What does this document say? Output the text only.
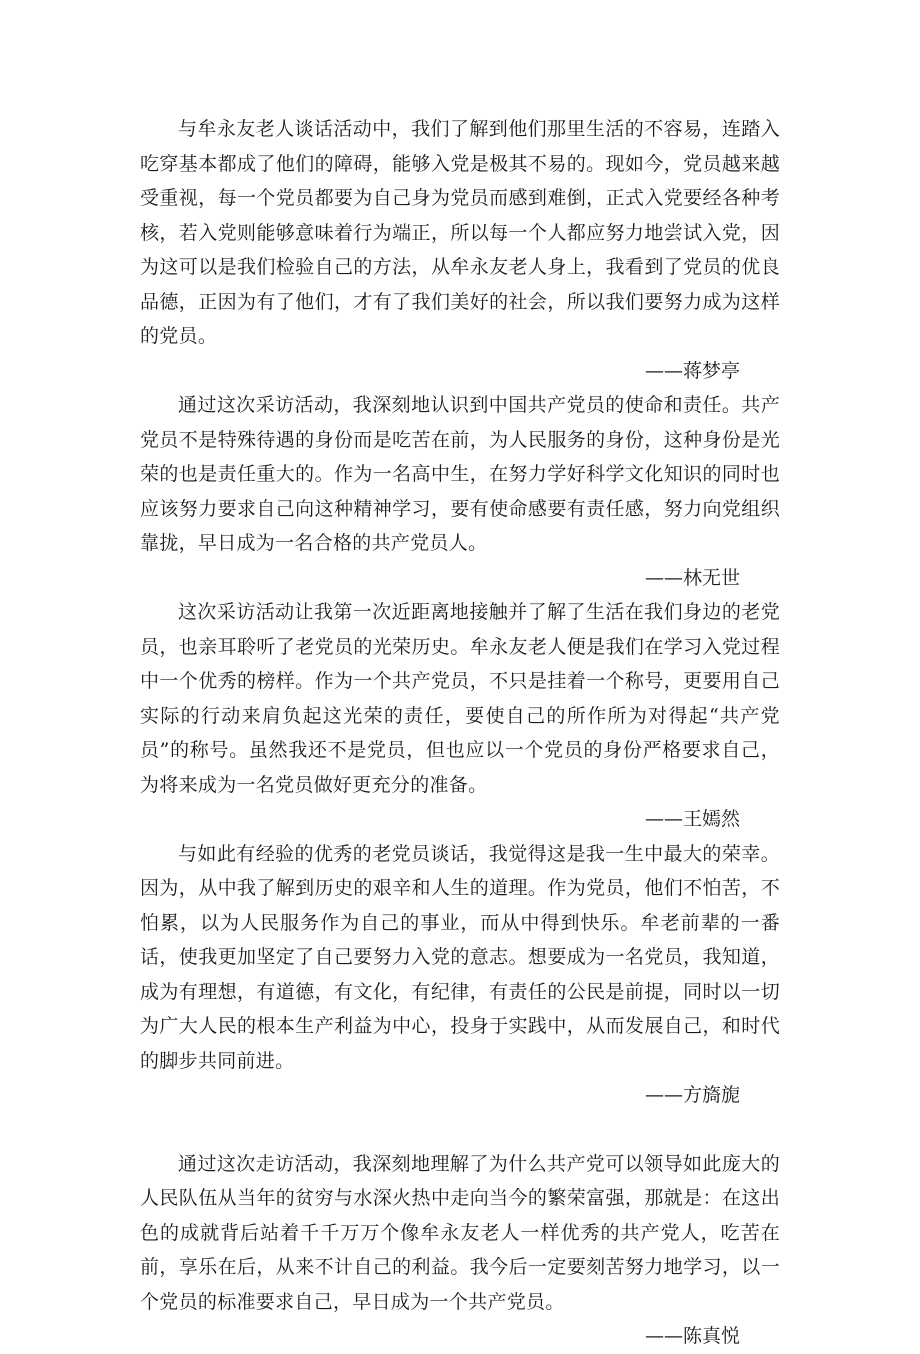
与牟永友老人谈话活动中，我们了解到他们那里生活的不容易，连踏入吃穿基本都成了他们的障碍，能够入党是极其不易的。现如今，党员越来越受重视，每一个党员都要为自己身为党员而感到难倒，正式入党要经各种考核，若入党则能够意味着行为端正，所以每一个人都应努力地尝试入党，因为这可以是我们检验自己的方法，从牟永友老人身上，我看到了党员的优良品德，正因为有了他们，才有了我们美好的社会，所以我们要努力成为这样的党员。

——蒋梦亭

通过这次采访活动，我深刻地认识到中国共产党员的使命和责任。共产党员不是特殊待遇的身份而是吃苦在前，为人民服务的身份，这种身份是光荣的也是责任重大的。作为一名高中生，在努力学好科学文化知识的同时也应该努力要求自己向这种精神学习，要有使命感要有责任感，努力向党组织靠拢，早日成为一名合格的共产党员人。

——林无世

这次采访活动让我第一次近距离地接触并了解了生活在我们身边的老党员，也亲耳聆听了老党员的光荣历史。牟永友老人便是我们在学习入党过程中一个优秀的榜样。作为一个共产党员，不只是挂着一个称号，更要用自己实际的行动来肩负起这光荣的责任，要使自己的所作所为对得起“共产党员”的称号。虽然我还不是党员，但也应以一个党员的身份严格要求自己，为将来成为一名党员做好更充分的准备。

——王嫣然

与如此有经验的优秀的老党员谈话，我觉得这是我一生中最大的荣幸。因为，从中我了解到历史的艰辛和人生的道理。作为党员，他们不怕苦，不怕累，以为人民服务作为自己的事业，而从中得到快乐。牟老前辈的一番话，使我更加坚定了自己要努力入党的意志。想要成为一名党员，我知道，成为有理想，有道德，有文化，有纪律，有责任的公民是前提，同时以一切为广大人民的根本生产利益为中心，投身于实践中，从而发展自己，和时代的脚步共同前进。

——方旖旎

通过这次走访活动，我深刻地理解了为什么共产党可以领导如此庞大的人民队伍从当年的贫穷与水深火热中走向当今的繁荣富强，那就是：在这出色的成就背后站着千千万万个像牟永友老人一样优秀的共产党人，吃苦在前，享乐在后，从来不计自己的利益。我今后一定要刻苦努力地学习，以一个党员的标准要求自己，早日成为一个共产党员。

——陈真悦
